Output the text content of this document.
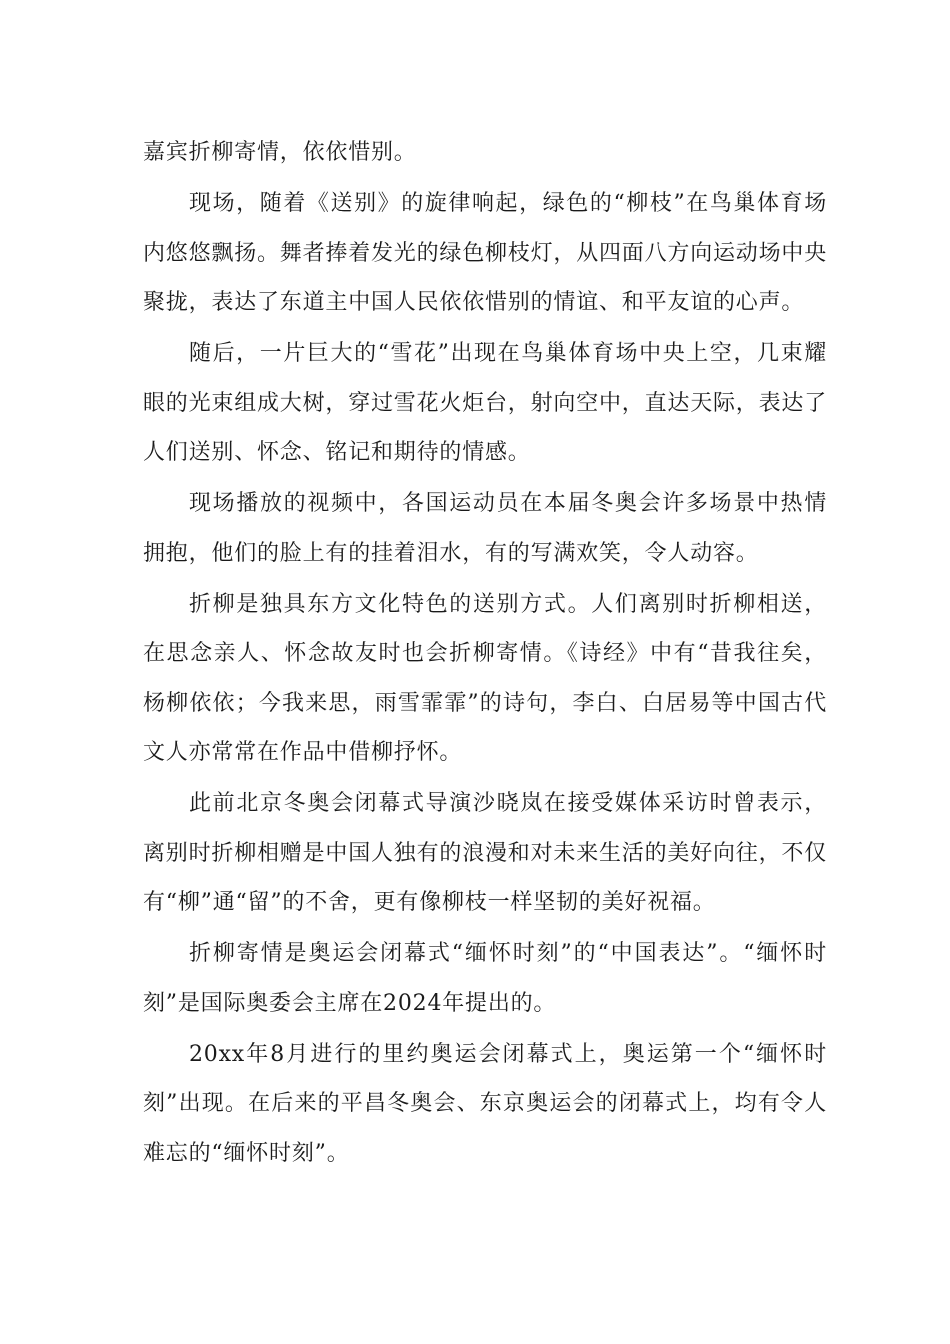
嘉宾折柳寄情，依依惜别。

现场，随着《送别》的旋律响起，绿色的“柳枝”在鸟巢体育场内悠悠飘扬。舞者捧着发光的绿色柳枝灯，从四面八方向运动场中央聚拢，表达了东道主中国人民依依惜别的情谊、和平友谊的心声。

随后，一片巨大的“雪花”出现在鸟巢体育场中央上空，几束耀眼的光束组成大树，穿过雪花火炬台，射向空中，直达天际，表达了人们送别、怀念、铭记和期待的情感。

现场播放的视频中，各国运动员在本届冬奥会许多场景中热情拥抱，他们的脸上有的挂着泪水，有的写满欢笑，令人动容。

折柳是独具东方文化特色的送别方式。人们离别时折柳相送，在思念亲人、怀念故友时也会折柳寄情。《诗经》中有“昔我往矣，杨柳依依；今我来思，雨雪霏霏”的诗句，李白、白居易等中国古代文人亦常常在作品中借柳抒怀。

此前北京冬奥会闭幕式导演沙晓岚在接受媒体采访时曾表示，离别时折柳相赠是中国人独有的浪漫和对未来生活的美好向往，不仅有“柳”通“留”的不舍，更有像柳枝一样坚韧的美好祝福。

折柳寄情是奥运会闭幕式“缅怀时刻”的“中国表达”。“缅怀时刻”是国际奥委会主席在2024年提出的。

20xx年8月进行的里约奥运会闭幕式上，奥运第一个“缅怀时刻”出现。在后来的平昌冬奥会、东京奥运会的闭幕式上，均有令人难忘的“缅怀时刻”。
